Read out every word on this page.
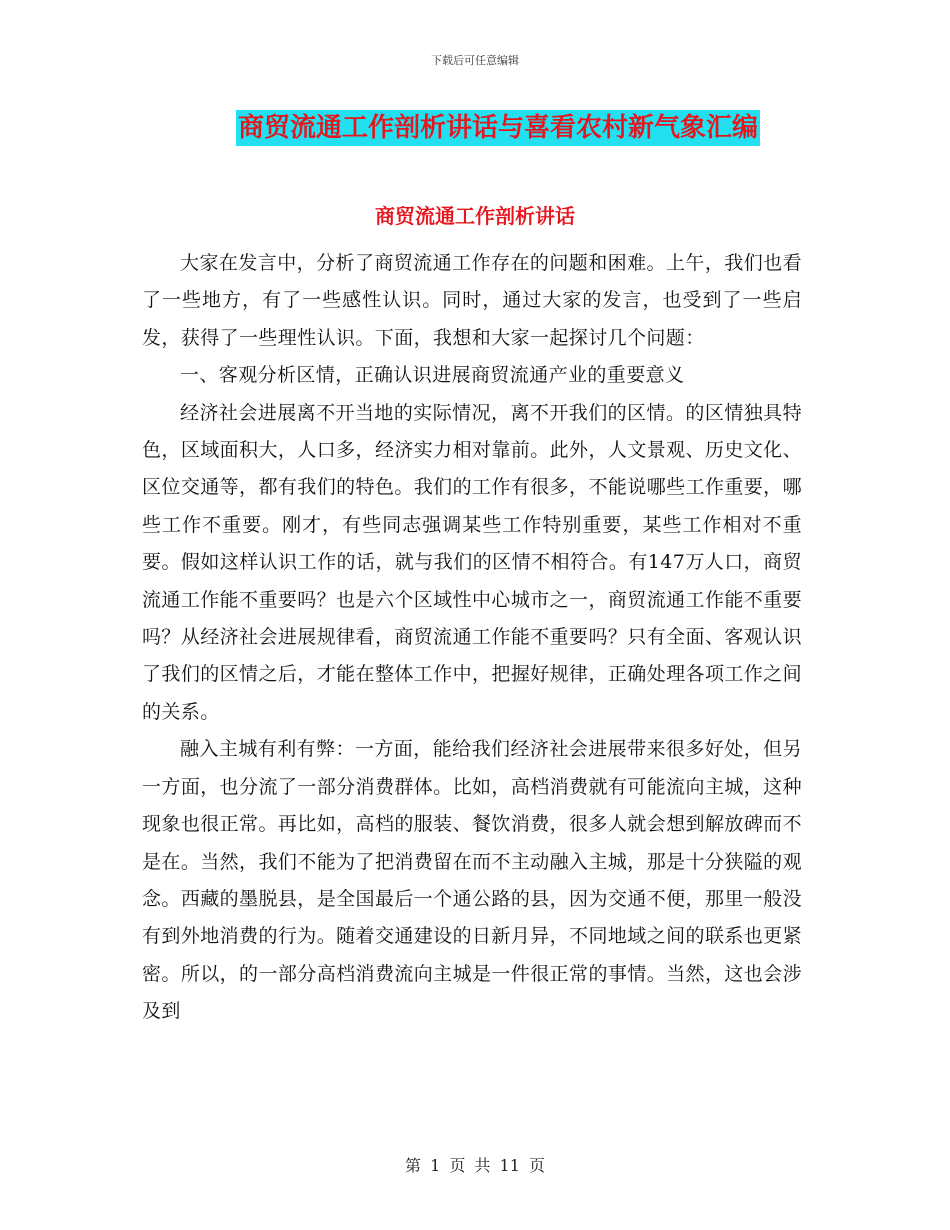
下载后可任意编辑
商贸流通工作剖析讲话与喜看农村新气象汇编
商贸流通工作剖析讲话

大家在发言中，分析了商贸流通工作存在的问题和困难。上午，我们也看了一些地方，有了一些感性认识。同时，通过大家的发言，也受到了一些启发，获得了一些理性认识。下面，我想和大家一起探讨几个问题：

一、客观分析区情，正确认识进展商贸流通产业的重要意义

经济社会进展离不开当地的实际情况，离不开我们的区情。的区情独具特色，区域面积大，人口多，经济实力相对靠前。此外，人文景观、历史文化、区位交通等，都有我们的特色。我们的工作有很多，不能说哪些工作重要，哪些工作不重要。刚才，有些同志强调某些工作特别重要，某些工作相对不重要。假如这样认识工作的话，就与我们的区情不相符合。有147万人口，商贸流通工作能不重要吗？也是六个区域性中心城市之一，商贸流通工作能不重要吗？从经济社会进展规律看，商贸流通工作能不重要吗？只有全面、客观认识了我们的区情之后，才能在整体工作中，把握好规律，正确处理各项工作之间的关系。

融入主城有利有弊：一方面，能给我们经济社会进展带来很多好处，但另一方面，也分流了一部分消费群体。比如，高档消费就有可能流向主城，这种现象也很正常。再比如，高档的服装、餐饮消费，很多人就会想到解放碑而不是在。当然，我们不能为了把消费留在而不主动融入主城，那是十分狭隘的观念。西藏的墨脱县，是全国最后一个通公路的县，因为交通不便，那里一般没有到外地消费的行为。随着交通建设的日新月异，不同地域之间的联系也更紧密。所以，的一部分高档消费流向主城是一件很正常的事情。当然，这也会涉及到

第 1 页 共 11 页
